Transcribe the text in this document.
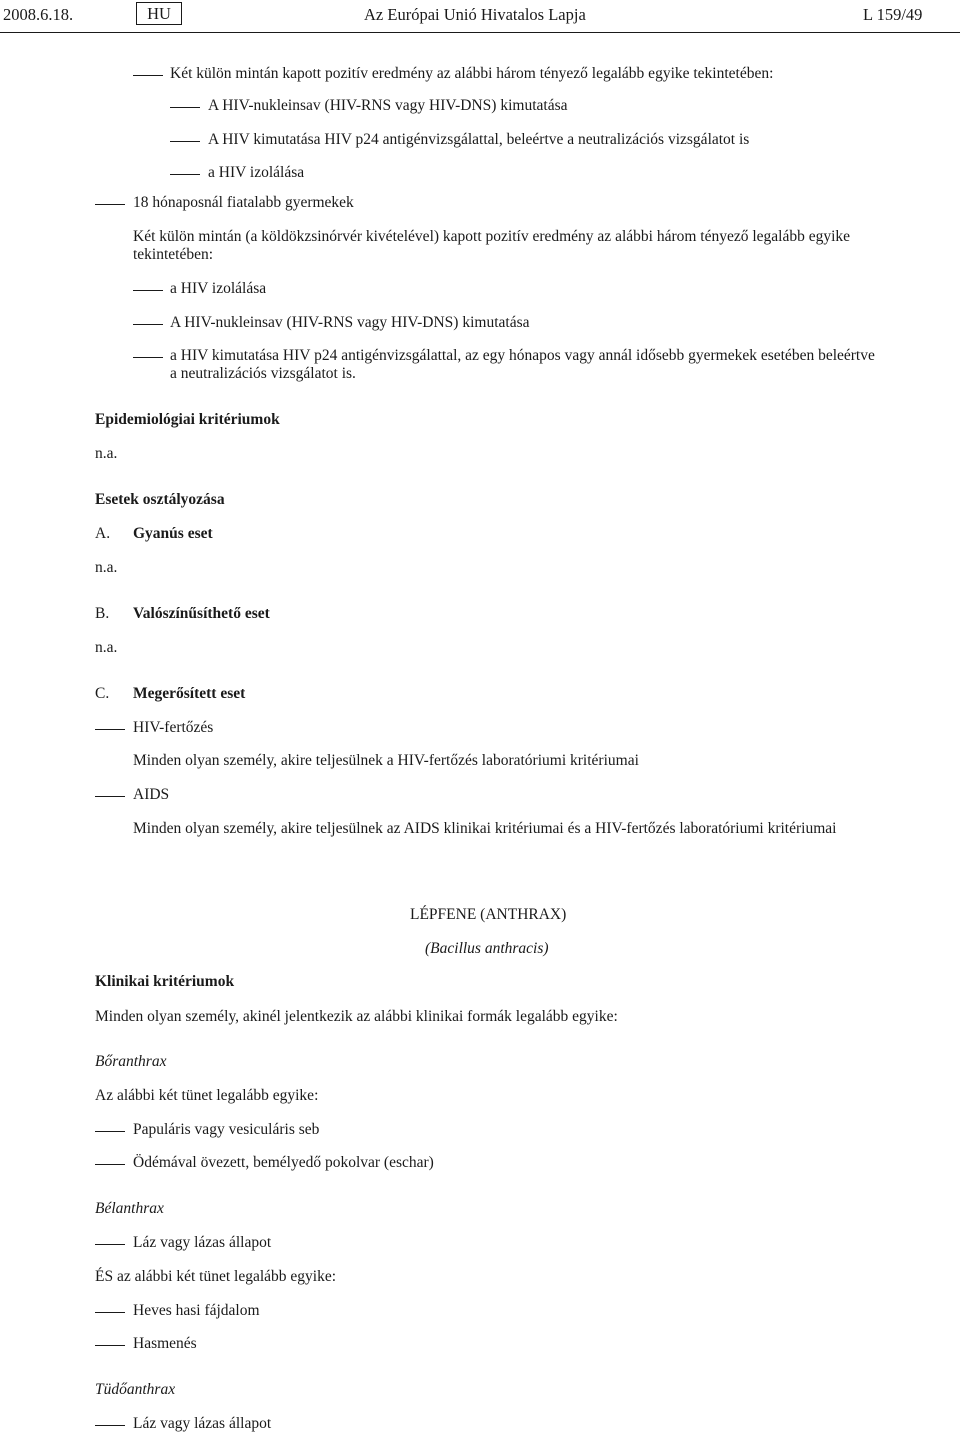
2008.6.18.	HU	Az Európai Unió Hivatalos Lapja	L 159/49
Két külön mintán kapott pozitív eredmény az alábbi három tényező legalább egyike tekintetében:
A HIV-nukleinsav (HIV-RNS vagy HIV-DNS) kimutatása
A HIV kimutatása HIV p24 antigénvizsgálattal, beleértve a neutralizációs vizsgálatot is
a HIV izolálása
18 hónaposnál fiatalabb gyermekek
Két külön mintán (a köldökzsinórvér kivételével) kapott pozitív eredmény az alábbi három tényező legalább egyike
tekintetében:
a HIV izolálása
A HIV-nukleinsav (HIV-RNS vagy HIV-DNS) kimutatása
a HIV kimutatása HIV p24 antigénvizsgálattal, az egy hónapos vagy annál idősebb gyermekek esetében beleértve
a neutralizációs vizsgálatot is.
Epidemiológiai kritériumok
n.a.
Esetek osztályozása
A. Gyanús eset
n.a.
B. Valószínűsíthető eset
n.a.
C. Megerősített eset
HIV-fertőzés
Minden olyan személy, akire teljesülnek a HIV-fertőzés laboratóriumi kritériumai
AIDS
Minden olyan személy, akire teljesülnek az AIDS klinikai kritériumai és a HIV-fertőzés laboratóriumi kritériumai
LÉPFENE (ANTHRAX)
(Bacillus anthracis)
Klinikai kritériumok
Minden olyan személy, akinél jelentkezik az alábbi klinikai formák legalább egyike:
Bőranthrax
Az alábbi két tünet legalább egyike:
Papuláris vagy vesiculáris seb
Ödémával övezett, bemélyedő pokolvar (eschar)
Bélanthrax
Láz vagy lázas állapot
ÉS az alábbi két tünet legalább egyike:
Heves hasi fájdalom
Hasmenés
Tüdőanthrax
Láz vagy lázas állapot
